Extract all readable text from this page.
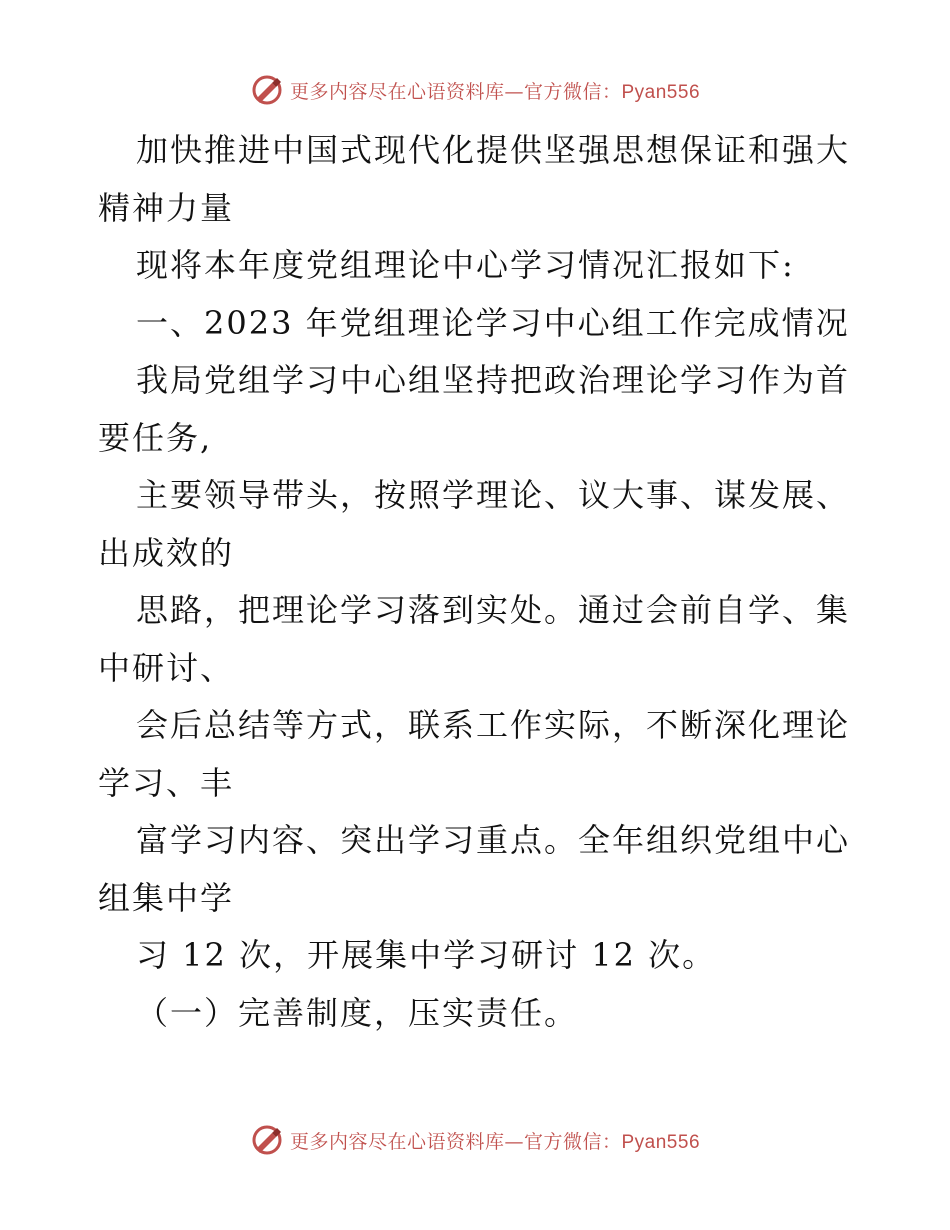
更多内容尽在心语资料库—官方微信：Pyan556
加快推进中国式现代化提供坚强思想保证和强大
精神力量
现将本年度党组理论中心学习情况汇报如下:
一、2023 年党组理论学习中心组工作完成情况
我局党组学习中心组坚持把政治理论学习作为首
要任务,
主要领导带头，按照学理论、议大事、谋发展、
出成效的
思路，把理论学习落到实处。通过会前自学、集
中研讨、
会后总结等方式，联系工作实际，不断深化理论
学习、丰
富学习内容、突出学习重点。全年组织党组中心
组集中学
习 12 次，开展集中学习研讨 12 次。
（一）完善制度，压实责任。
更多内容尽在心语资料库—官方微信：Pyan556
